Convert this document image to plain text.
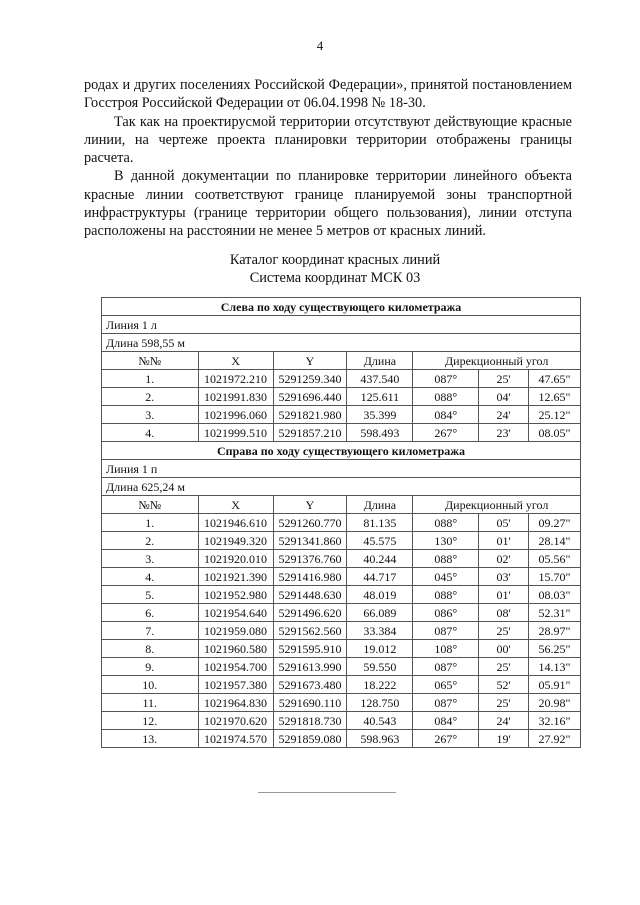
4

родах и других поселениях Российской Федерации», принятой постановлением Госстроя Российской Федерации от 06.04.1998 № 18-30.

Так как на проектирусмой территории отсутствуют действующие красные линии, на чертеже проекта планировки территории отображены границы расчета.

В данной документации по планировке территории линейного объекта красные линии соответствуют границе планируемой зоны транспортной инфраструктуры (границе территории общего пользования), линии отступа расположены на расстоянии не менее 5 метров от красных линий.

Каталог координат красных линий
Система координат МСК 03
Слева по ходу существующего километража						
Линия 1 л						
Длина 598,55 м						
№№	X	Y	Длина	Дирекционный угол		
1.	1021972.210	5291259.340	437.540	087°	25'	47.65"
2.	1021991.830	5291696.440	125.611	088°	04'	12.65"
3.	1021996.060	5291821.980	35.399	084°	24'	25.12"
4.	1021999.510	5291857.210	598.493	267°	23'	08.05"
Справа по ходу существующего километража						
Линия 1 п						
Длина 625,24 м						
№№	X	Y	Длина	Дирекционный угол		
1.	1021946.610	5291260.770	81.135	088°	05'	09.27"
2.	1021949.320	5291341.860	45.575	130°	01'	28.14"
3.	1021920.010	5291376.760	40.244	088°	02'	05.56"
4.	1021921.390	5291416.980	44.717	045°	03'	15.70"
5.	1021952.980	5291448.630	48.019	088°	01'	08.03"
6.	1021954.640	5291496.620	66.089	086°	08'	52.31"
7.	1021959.080	5291562.560	33.384	087°	25'	28.97"
8.	1021960.580	5291595.910	19.012	108°	00'	56.25"
9.	1021954.700	5291613.990	59.550	087°	25'	14.13"
10.	1021957.380	5291673.480	18.222	065°	52'	05.91"
11.	1021964.830	5291690.110	128.750	087°	25'	20.98"
12.	1021970.620	5291818.730	40.543	084°	24'	32.16"
13.	1021974.570	5291859.080	598.963	267°	19'	27.92"
